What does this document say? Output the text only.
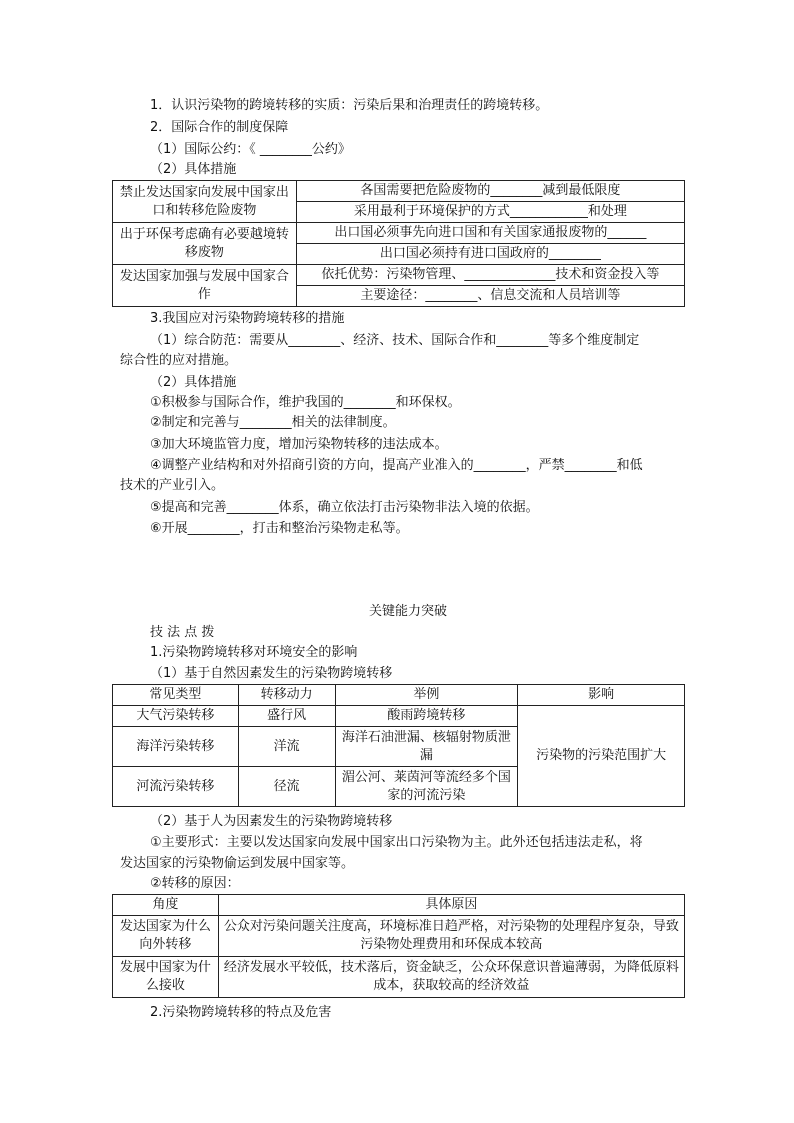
1．认识污染物的跨境转移的实质：污染后果和治理责任的跨境转移。
2．国际合作的制度保障
（1）国际公约：《 ________公约》
（2）具体措施
禁止发达国家向发展中国家出口和转移危险废物	各国需要把危险废物的________减到最低限度
	采用最利于环境保护的方式____________和处理
出于环保考虑确有必要越境转移废物	出口国必须事先向进口国和有关国家通报废物的______
	出口国必须持有进口国政府的________
发达国家加强与发展中国家合作	依托优势：污染物管理、______________技术和资金投入等
	主要途径：________、信息交流和人员培训等
3.我国应对污染物跨境转移的措施
（1）综合防范：需要从________、经济、技术、国际合作和________等多个维度制定
综合性的应对措施。
（2）具体措施
①积极参与国际合作，维护我国的________和环保权。
②制定和完善与________相关的法律制度。
③加大环境监管力度，增加污染物转移的违法成本。
④调整产业结构和对外招商引资的方向，提高产业准入的________，严禁________和低
技术的产业引入。
⑤提高和完善________体系，确立依法打击污染物非法入境的依据。
⑥开展________，打击和整治污染物走私等。
关键能力突破
技 法 点 拨
1.污染物跨境转移对环境安全的影响
（1）基于自然因素发生的污染物跨境转移
常见类型	转移动力	举例	影响
大气污染转移	盛行风	酸雨跨境转移	污染物的污染范围扩大
海洋污染转移	洋流	海洋石油泄漏、核辐射物质泄漏	
河流污染转移	径流	湄公河、莱茵河等流经多个国家的河流污染	
（2）基于人为因素发生的污染物跨境转移
①主要形式：主要以发达国家向发展中国家出口污染物为主。此外还包括违法走私，将
发达国家的污染物偷运到发展中国家等。
②转移的原因：
角度	具体原因
发达国家为什么向外转移	公众对污染问题关注度高，环境标准日趋严格，对污染物的处理程序复杂，导致污染物处理费用和环保成本较高
发展中国家为什么接收	经济发展水平较低，技术落后，资金缺乏，公众环保意识普遍薄弱，为降低原料成本，获取较高的经济效益
2.污染物跨境转移的特点及危害
